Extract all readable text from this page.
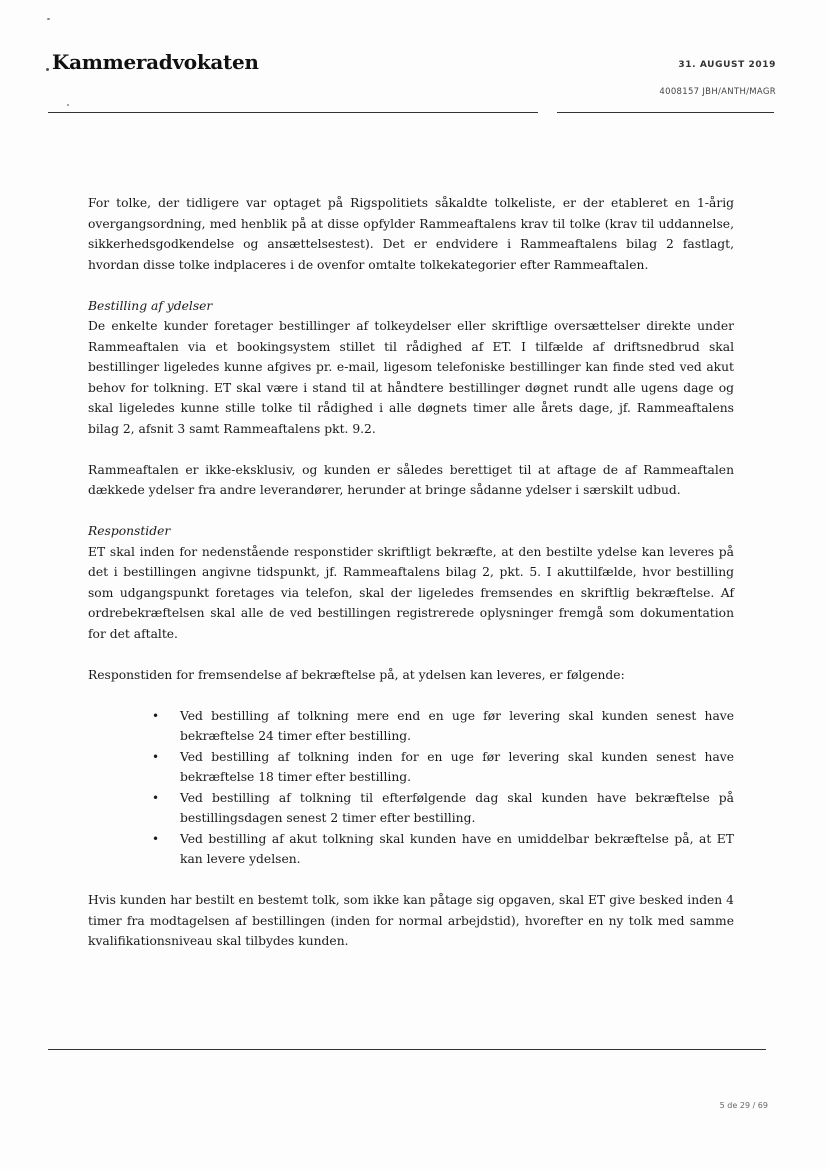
Kammeradvokaten	31. AUGUST 2019
4008157 JBH/ANTH/MAGR

For tolke, der tidligere var optaget på Rigspolitiets såkaldte tolkeliste, er der etableret en 1-årig overgangsordning, med henblik på at disse opfylder Rammeaftalens krav til tolke (krav til uddannelse, sikkerhedsgodkendelse og ansættelsestest). Det er endvidere i Rammeaftalens bilag 2 fastlagt, hvordan disse tolke indplaceres i de ovenfor omtalte tolkekategorier efter Rammeaftalen.

Bestilling af ydelser

De enkelte kunder foretager bestillinger af tolkeydelser eller skriftlige oversættelser direkte under Rammeaftalen via et bookingsystem stillet til rådighed af ET. I tilfælde af driftsnedbrud skal bestillinger ligeledes kunne afgives pr. e-mail, ligesom telefoniske bestillinger kan finde sted ved akut behov for tolkning. ET skal være i stand til at håndtere bestillinger døgnet rundt alle ugens dage og skal ligeledes kunne stille tolke til rådighed i alle døgnets timer alle årets dage, jf. Rammeaftalens bilag 2, afsnit 3 samt Rammeaftalens pkt. 9.2.

Rammeaftalen er ikke-eksklusiv, og kunden er således berettiget til at aftage de af Rammeaftalen dækkede ydelser fra andre leverandører, herunder at bringe sådanne ydelser i særskilt udbud.

Responstider

ET skal inden for nedenstående responstider skriftligt bekræfte, at den bestilte ydelse kan leveres på det i bestillingen angivne tidspunkt, jf. Rammeaftalens bilag 2, pkt. 5. I akuttilfælde, hvor bestilling som udgangspunkt foretages via telefon, skal der ligeledes fremsendes en skriftlig bekræftelse. Af ordrebekræftelsen skal alle de ved bestillingen registrerede oplysninger fremgå som dokumentation for det aftalte.

Responstiden for fremsendelse af bekræftelse på, at ydelsen kan leveres, er følgende:

• Ved bestilling af tolkning mere end en uge før levering skal kunden senest have bekræftelse 24 timer efter bestilling.
• Ved bestilling af tolkning inden for en uge før levering skal kunden senest have bekræftelse 18 timer efter bestilling.
• Ved bestilling af tolkning til efterfølgende dag skal kunden have bekræftelse på bestillingsdagen senest 2 timer efter bestilling.
• Ved bestilling af akut tolkning skal kunden have en umiddelbar bekræftelse på, at ET kan levere ydelsen.

Hvis kunden har bestilt en bestemt tolk, som ikke kan påtage sig opgaven, skal ET give besked inden 4 timer fra modtagelsen af bestillingen (inden for normal arbejdstid), hvorefter en ny tolk med samme kvalifikationsniveau skal tilbydes kunden.

5 de 29 / 69
